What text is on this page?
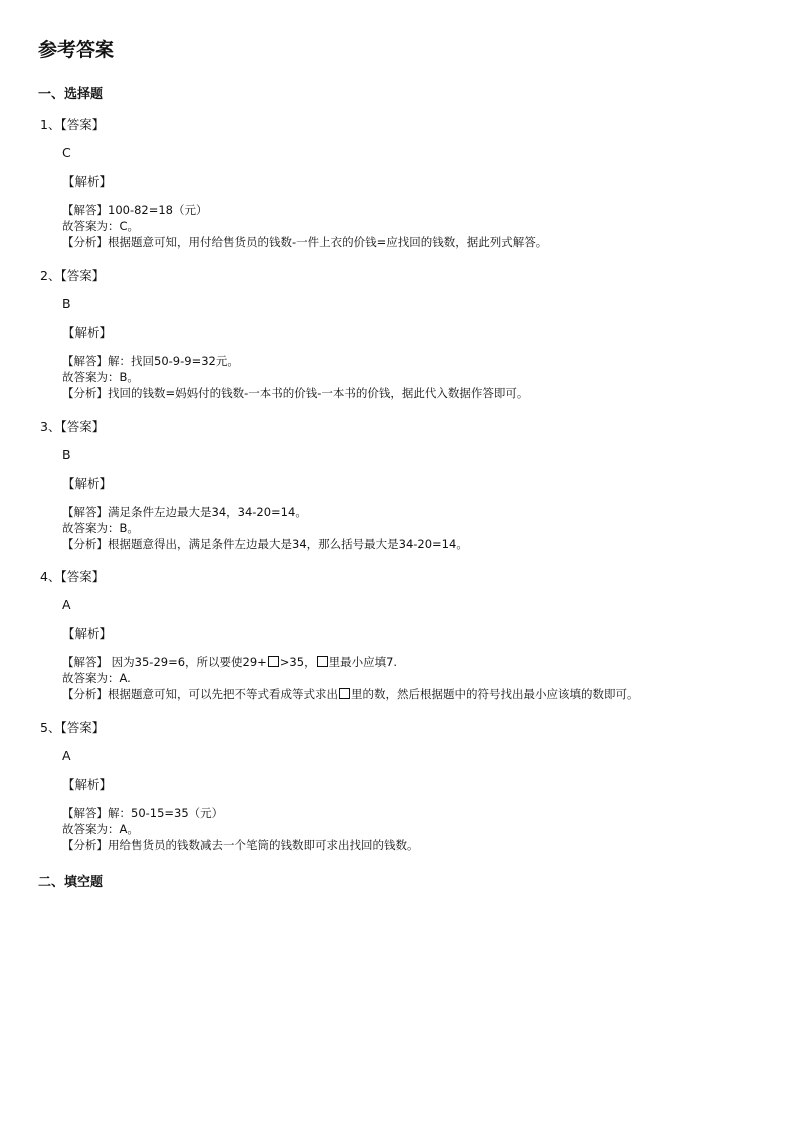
参考答案
一、选择题
1、【答案】
C
【解析】
【解答】100-82=18（元）
故答案为：C。
【分析】根据题意可知，用付给售货员的钱数-一件上衣的价钱=应找回的钱数，据此列式解答。
2、【答案】
B
【解析】
【解答】解：找回50-9-9=32元。
故答案为：B。
【分析】找回的钱数=妈妈付的钱数-一本书的价钱-一本书的价钱，据此代入数据作答即可。
3、【答案】
B
【解析】
【解答】满足条件左边最大是34，34-20=14。
故答案为：B。
【分析】根据题意得出，满足条件左边最大是34，那么括号最大是34-20=14。
4、【答案】
A
【解析】
【解答】 因为35-29=6，所以要使29+ >35， 里最小应填7.
故答案为：A.
【分析】根据题意可知，可以先把不等式看成等式求出 里的数，然后根据题中的符号找出最小应该填的数即可。
5、【答案】
A
【解析】
【解答】解：50-15=35（元）
故答案为：A。
【分析】用给售货员的钱数减去一个笔筒的钱数即可求出找回的钱数。
二、填空题
